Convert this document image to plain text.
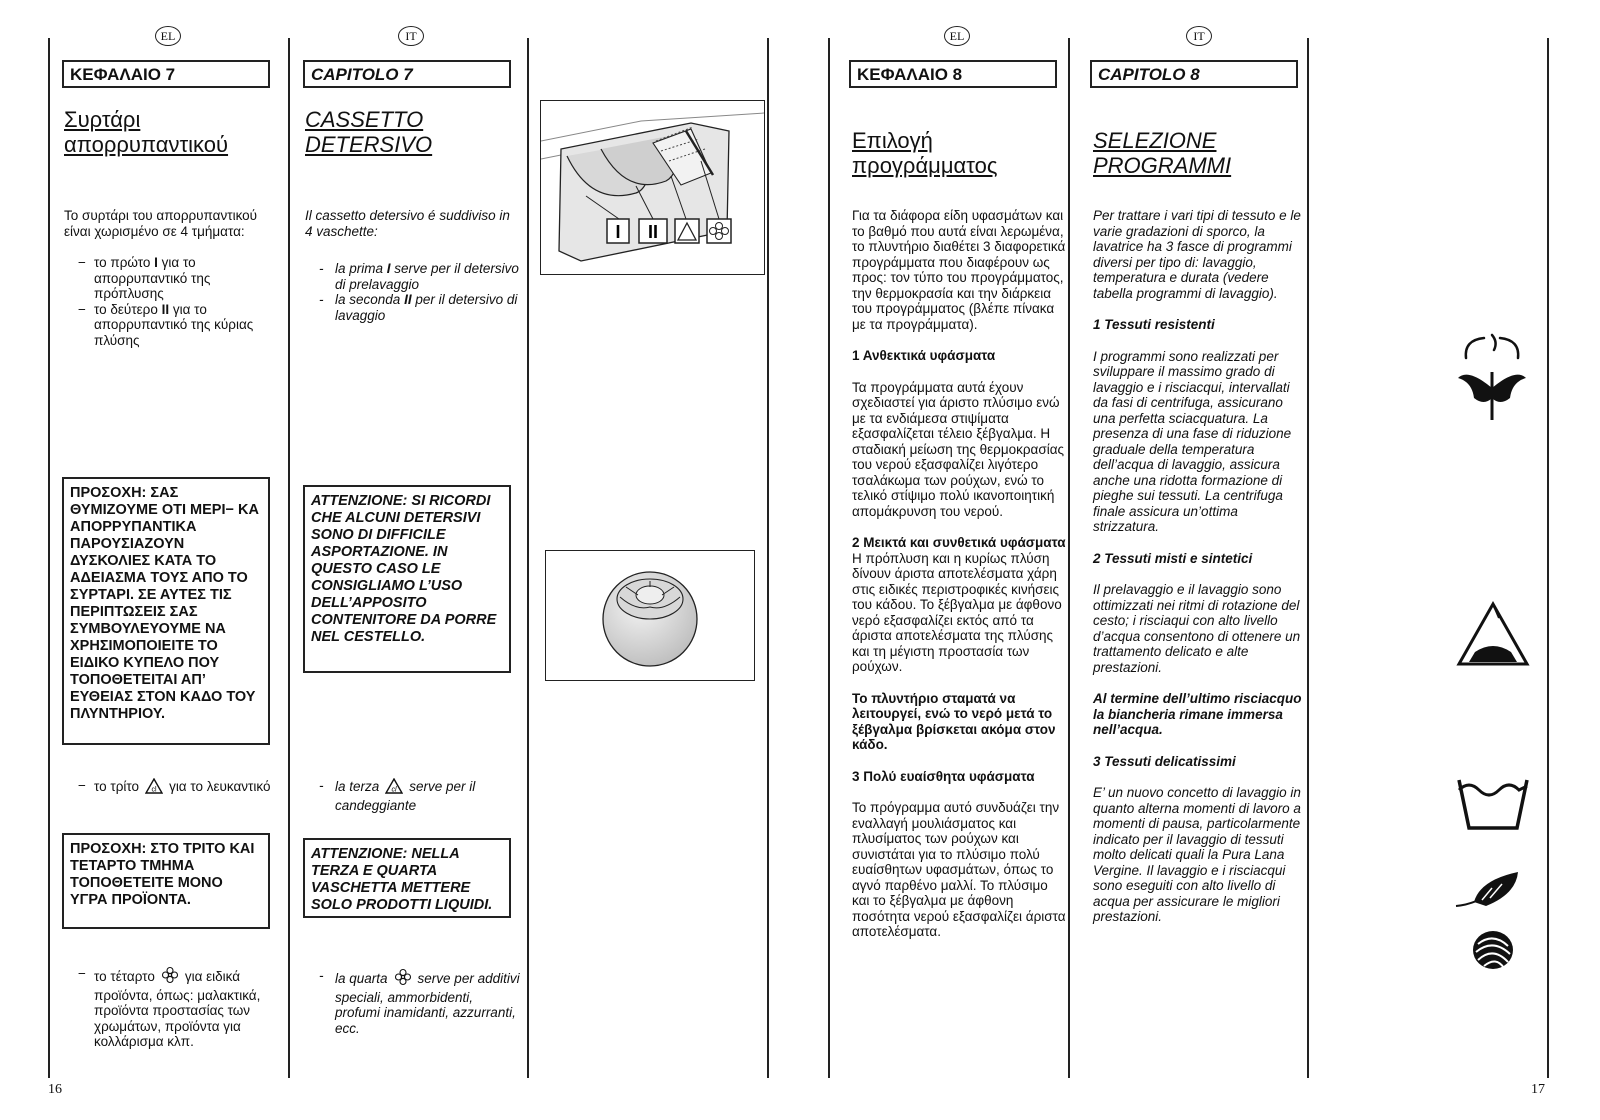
EL
ΚΕΦΑΛΑΙΟ 7
Συρτάρι
απορρυπαντικού

Το συρτάρι του απορρυπαντικού είναι χωρισμένο σε 4 τμήματα:

− το πρώτο I για το απορρυπαντικό της πρόπλυσης
− το δεύτερο II για το απορρυπαντικό της κύριας πλύσης
ΠΡΟΣΟΧΗ: ΣΑΣ ΘΥΜΙΖΟΥΜΕ ΟΤΙ ΜΕΡΙ− ΚΑ ΑΠΟΡΡΥΠΑΝΤΙΚΑ ΠΑΡΟΥΣΙΑΖΟΥΝ ΔΥΣΚΟΛΙΕΣ ΚΑΤΑ ΤΟ ΑΔΕΙΑΣΜΑ ΤΟΥΣ ΑΠΟ ΤΟ ΣΥΡΤΑΡΙ. ΣΕ ΑΥΤΕΣ ΤΙΣ ΠΕΡΙΠΤΩΣΕΙΣ ΣΑΣ ΣΥΜΒΟΥΛΕΥΟΥΜΕ ΝΑ ΧΡΗΣΙΜΟΠΟΙΕΙΤΕ ΤΟ ΕΙΔΙΚΟ ΚΥΠΕΛΟ ΠΟΥ ΤΟΠΟΘΕΤΕΙΤΑΙ ΑΠ’ ΕΥΘΕΙΑΣ ΣΤΟΝ ΚΑΔΟ ΤΟΥ ΠΛΥΝΤΗΡΙΟΥ.
− το τρίτο cl για το λευκαντικό
ΠΡΟΣΟΧΗ: ΣΤΟ ΤΡΙΤΟ ΚΑΙ ΤΕΤΑΡΤΟ ΤΜΗΜΑ ΤΟΠΟΘΕΤΕΙΤΕ ΜΟΝΟ ΥΓΡΑ ΠΡΟΪΟΝΤΑ.
− το τέταρτο για ειδικά προϊόντα, όπως: μαλακτικά, προϊόντα προστασίας των χρωμάτων, προϊόντα για κολλάρισμα κλπ.
IT
CAPITOLO 7
CASSETTO
DETERSIVO

Il cassetto detersivo é suddiviso in 4 vaschette:

- la prima I serve per il detersivo di prelavaggio
- la seconda II per il detersivo di lavaggio
ATTENZIONE: SI RICORDI CHE ALCUNI DETERSIVI SONO DI DIFFICILE ASPORTAZIONE. IN QUESTO CASO LE CONSIGLIAMO L’USO DELL’APPOSITO CONTENITORE DA PORRE NEL CESTELLO.
- la terza cl serve per il candeggiante
ATTENZIONE: NELLA TERZA E QUARTA VASCHETTA METTERE SOLO PRODOTTI LIQUIDI.
- la quarta serve per additivi speciali, ammorbidenti, profumi inamidanti, azzurranti, ecc.
I II
16
EL
ΚΕΦΑΛΑΙΟ 8
Επιλογή
προγράμματος

Για τα διάφορα είδη υφασμάτων και το βαθμό που αυτά είναι λερωμένα, το πλυντήριο διαθέτει 3 διαφορετικά προγράμματα που διαφέρουν ως προς: τον τύπο του προγράμματος, την θερμοκρασία και την διάρκεια του προγράμματος (βλέπε πίνακα με τα προγράμματα).

1 Ανθεκτικά υφάσματα

Τα προγράμματα αυτά έχουν σχεδιαστεί για άριστο πλύσιμο ενώ με τα ενδιάμεσα στιψίματα εξασφαλίζεται τέλειο ξέβγαλμα. Η σταδιακή μείωση της θερμοκρασίας του νερού εξασφαλίζει λιγότερο τσαλάκωμα των ρούχων, ενώ το τελικό στίψιμο πολύ ικανοποιητική απομάκρυνση του νερού.

2 Μεικτά και συνθετικά υφάσματα

Η πρόπλυση και η κυρίως πλύση δίνουν άριστα αποτελέσματα χάρη στις ειδικές περιστροφικές κινήσεις του κάδου. Το ξέβγαλμα με άφθονο νερό εξασφαλίζει εκτός από τα άριστα αποτελέσματα της πλύσης και τη μέγιστη προστασία των ρούχων.

Το πλυντήριο σταματά να λειτουργεί, ενώ το νερό μετά το ξέβγαλμα βρίσκεται ακόμα στον κάδο.

3 Πολύ ευαίσθητα υφάσματα

Το πρόγραμμα αυτό συνδυάζει την εναλλαγή μουλιάσματος και πλυσίματος των ρούχων και συνιστάται για το πλύσιμο πολύ ευαίσθητων υφασμάτων, όπως το αγνό παρθένο μαλλί. Το πλύσιμο και το ξέβγαλμα με άφθονη ποσότητα νερού εξασφαλίζει άριστα αποτελέσματα.

IT
CAPITOLO 8
SELEZIONE
PROGRAMMI

Per trattare i vari tipi di tessuto e le varie gradazioni di sporco, la lavatrice ha 3 fasce di programmi diversi per tipo di: lavaggio, temperatura e durata (vedere tabella programmi di lavaggio).

1 Tessuti resistenti

I programmi sono realizzati per sviluppare il massimo grado di lavaggio e i risciacqui, intervallati da fasi di centrifuga, assicurano una perfetta sciacquatura. La presenza di una fase di riduzione graduale della temperatura dell’acqua di lavaggio, assicura anche una ridotta formazione di pieghe sui tessuti. La centrifuga finale assicura un’ottima strizzatura.

2 Tessuti misti e sintetici

Il prelavaggio e il lavaggio sono ottimizzati nei ritmi di rotazione del cesto; i risciaqui con alto livello d’acqua consentono di ottenere un trattamento delicato e alte prestazioni.

Al termine dell’ultimo risciacquo la biancheria rimane immersa nell’acqua.

3 Tessuti delicatissimi

E’ un nuovo concetto di lavaggio in quanto alterna momenti di lavoro a momenti di pausa, particolarmente indicato per il lavaggio di tessuti molto delicati quali la Pura Lana Vergine. Il lavaggio e i risciacqui sono eseguiti con alto livello di acqua per assicurare le migliori prestazioni.

17
